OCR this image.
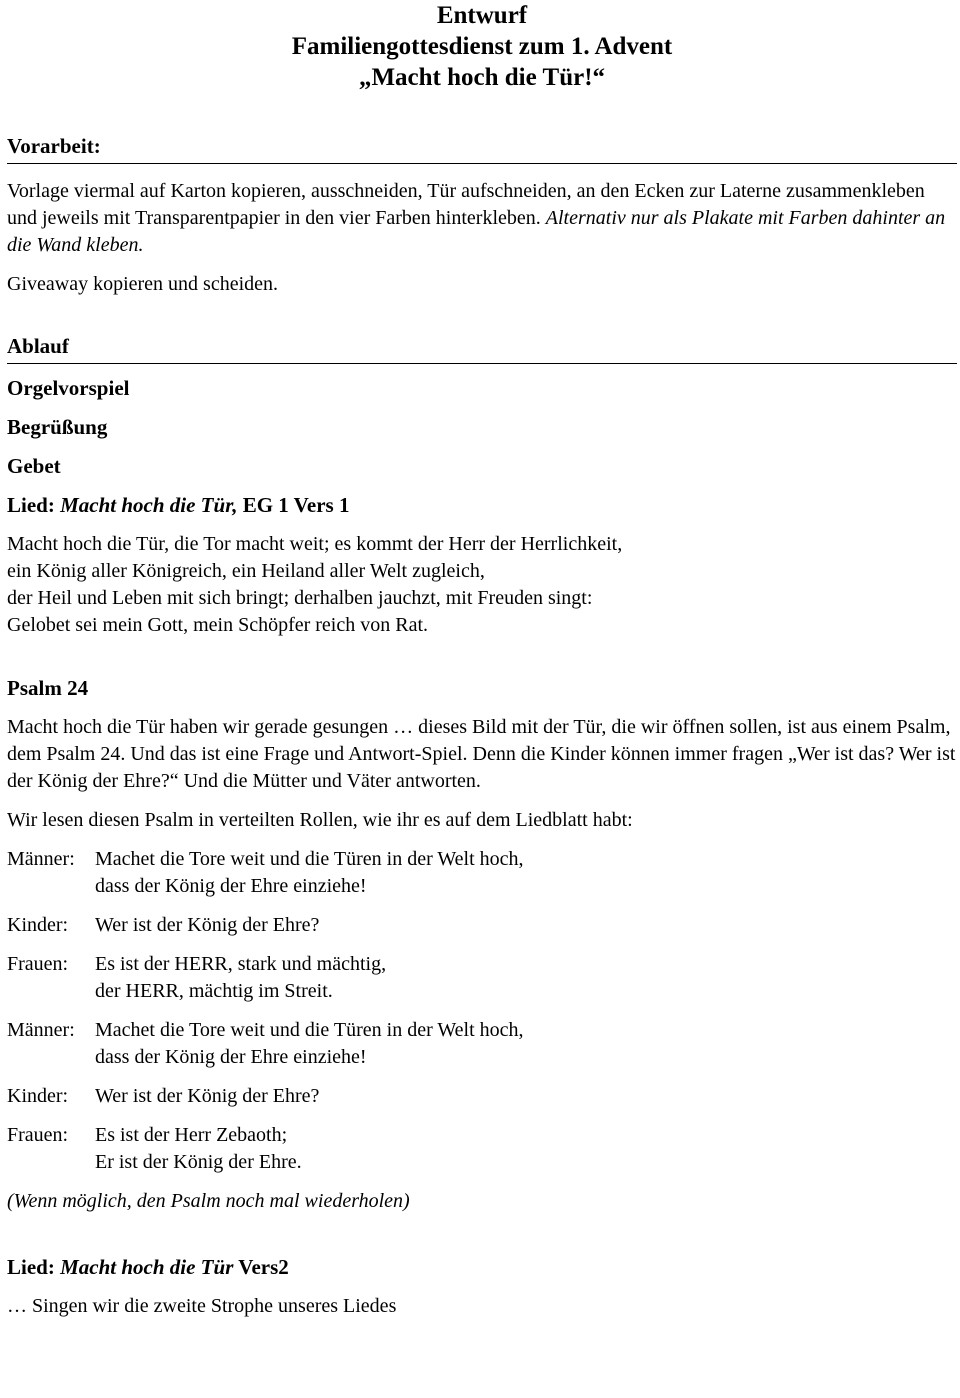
Entwurf

Familiengottesdienst zum 1. Advent

„Macht hoch die Tür!“

Vorarbeit:

Vorlage viermal auf Karton kopieren, ausschneiden, Tür aufschneiden, an den Ecken zur Laterne zusammenkleben und jeweils mit Transparentpapier in den vier Farben hinterkleben. Alternativ nur als Plakate mit Farben dahinter an die Wand kleben.

Giveaway kopieren und scheiden.

Ablauf

Orgelvorspiel

Begrüßung

Gebet

Lied: Macht hoch die Tür, EG 1 Vers 1

Macht hoch die Tür, die Tor macht weit; es kommt der Herr der Herrlichkeit,

ein König aller Königreich, ein Heiland aller Welt zugleich,

der Heil und Leben mit sich bringt; derhalben jauchzt, mit Freuden singt:

Gelobet sei mein Gott, mein Schöpfer reich von Rat.

Psalm 24

Macht hoch die Tür haben wir gerade gesungen … dieses Bild mit der Tür, die wir öffnen sollen, ist aus einem Psalm, dem Psalm 24. Und das ist eine Frage und Antwort-Spiel. Denn die Kinder können immer fragen „Wer ist das? Wer ist der König der Ehre?“ Und die Mütter und Väter antworten.

Wir lesen diesen Psalm in verteilten Rollen, wie ihr es auf dem Liedblatt habt:

Männer:	Machet die Tore weit und die Türen in der Welt hoch,

dass der König der Ehre einziehe!

Kinder:	Wer ist der König der Ehre?

Frauen:	Es ist der HERR, stark und mächtig,

der HERR, mächtig im Streit.

Männer:	Machet die Tore weit und die Türen in der Welt hoch,

dass der König der Ehre einziehe!

Kinder:	Wer ist der König der Ehre?

Frauen:	Es ist der Herr Zebaoth;

Er ist der König der Ehre.

(Wenn möglich, den Psalm noch mal wiederholen)

Lied: Macht hoch die Tür Vers2

… Singen wir die zweite Strophe unseres Liedes
